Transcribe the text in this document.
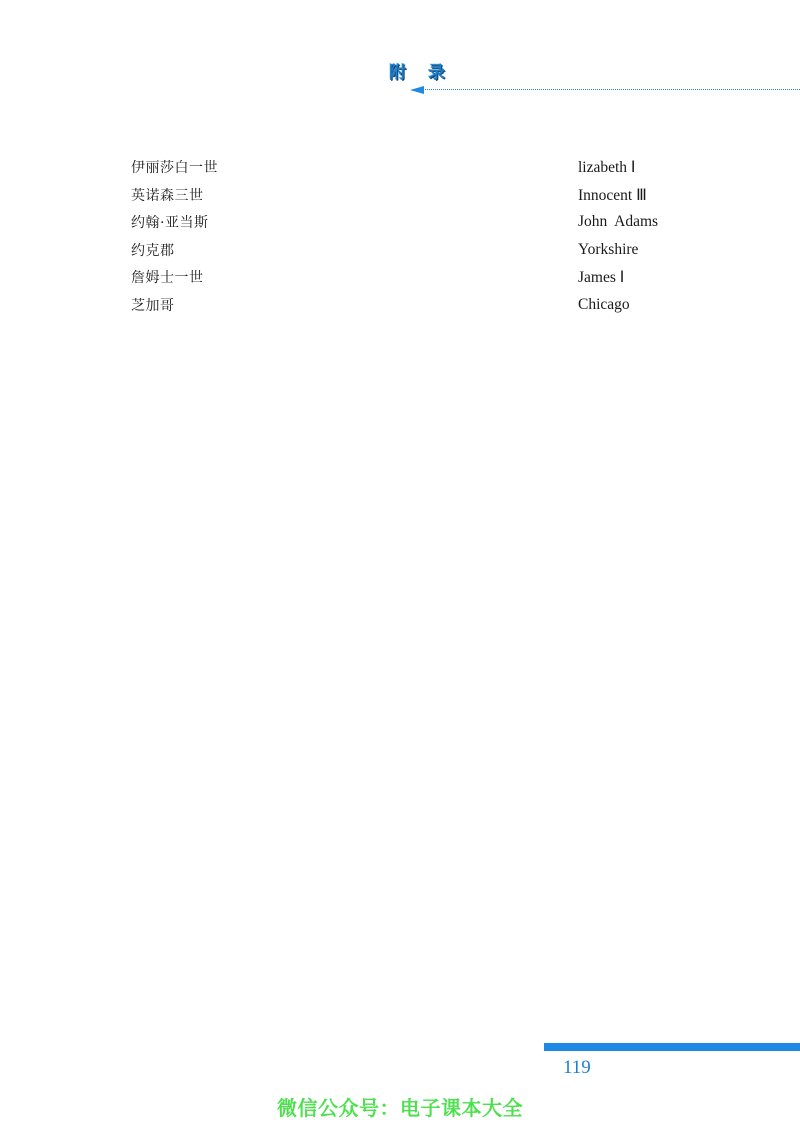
附 录
伊丽莎白一世	lizabeth Ⅰ
英诺森三世	Innocent Ⅲ
约翰·亚当斯	John  Adams
约克郡	Yorkshire
詹姆士一世	James Ⅰ
芝加哥	Chicago
119
微信公众号：电子课本大全
